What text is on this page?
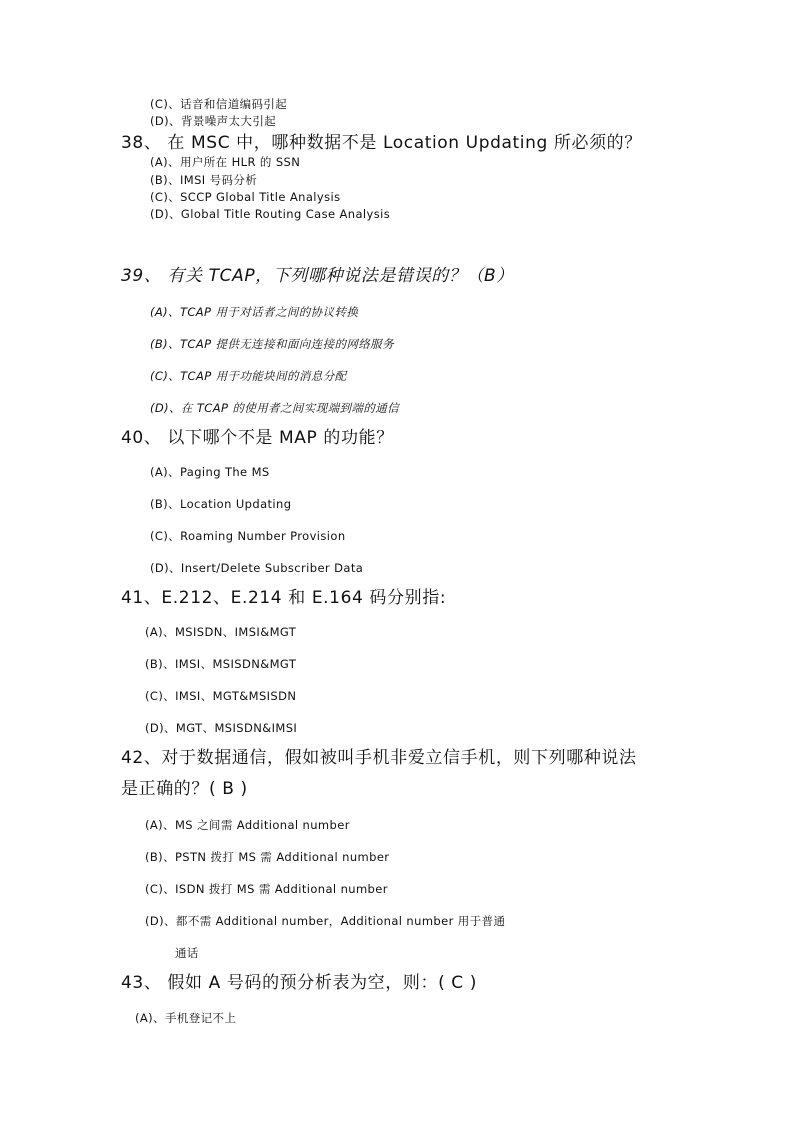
(C)、话音和信道编码引起
(D)、背景噪声太大引起
38、 在 MSC 中，哪种数据不是 Location Updating 所必须的？
(A)、用户所在 HLR 的 SSN
(B)、IMSI 号码分析
(C)、SCCP Global Title Analysis
(D)、Global Title Routing Case Analysis
39、 有关 TCAP，下列哪种说法是错误的？（B）
(A)、TCAP 用于对话者之间的协议转换
(B)、TCAP 提供无连接和面向连接的网络服务
(C)、TCAP 用于功能块间的消息分配
(D)、在 TCAP 的使用者之间实现端到端的通信
40、 以下哪个不是 MAP 的功能？
(A)、Paging The MS
(B)、Location Updating
(C)、Roaming Number Provision
(D)、Insert/Delete Subscriber Data
41、E.212、E.214 和 E.164 码分别指:
(A)、MSISDN、IMSI&MGT
(B)、IMSI、MSISDN&MGT
(C)、IMSI、MGT&MSISDN
(D)、MGT、MSISDN&IMSI
42、对于数据通信，假如被叫手机非爱立信手机，则下列哪种说法
是正确的？( B )
(A)、MS 之间需 Additional number
(B)、PSTN 拨打 MS 需 Additional number
(C)、ISDN 拨打 MS 需 Additional number
(D)、都不需 Additional number，Additional number 用于普通
通话
43、 假如 A 号码的预分析表为空，则：( C )
(A)、手机登记不上
